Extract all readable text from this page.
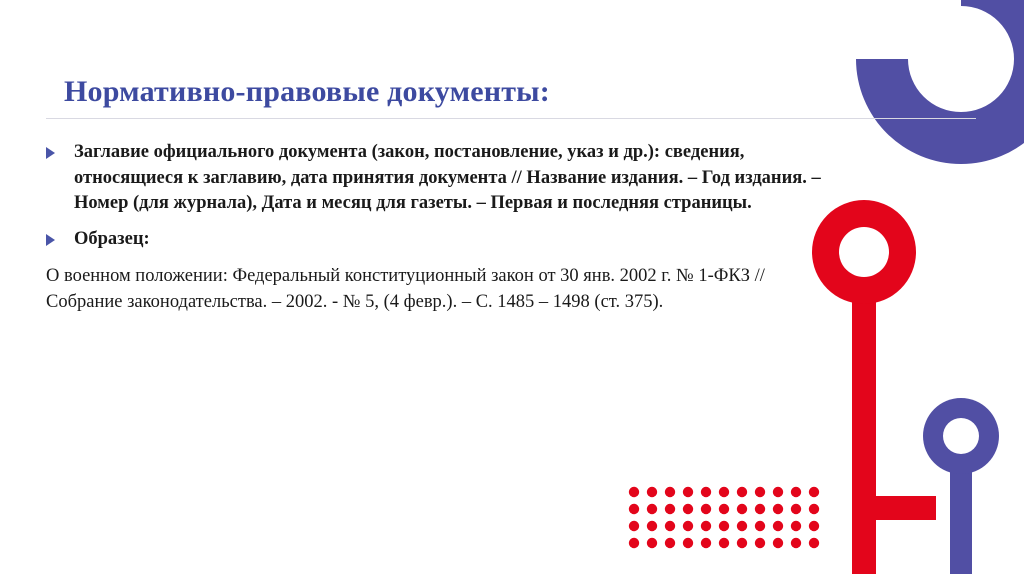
Нормативно-правовые документы:
Заглавие официального документа (закон, постановление, указ и др.): сведения, относящиеся к заглавию, дата принятия документа // Название издания. – Год издания. – Номер (для журнала), Дата и месяц для газеты. – Первая и последняя страницы.
Образец:

О военном положении: Федеральный конституционный закон от 30 янв. 2002 г. № 1-ФКЗ // Собрание законодательства. – 2002. - № 5, (4 февр.). – С. 1485 – 1498 (ст. 375).
